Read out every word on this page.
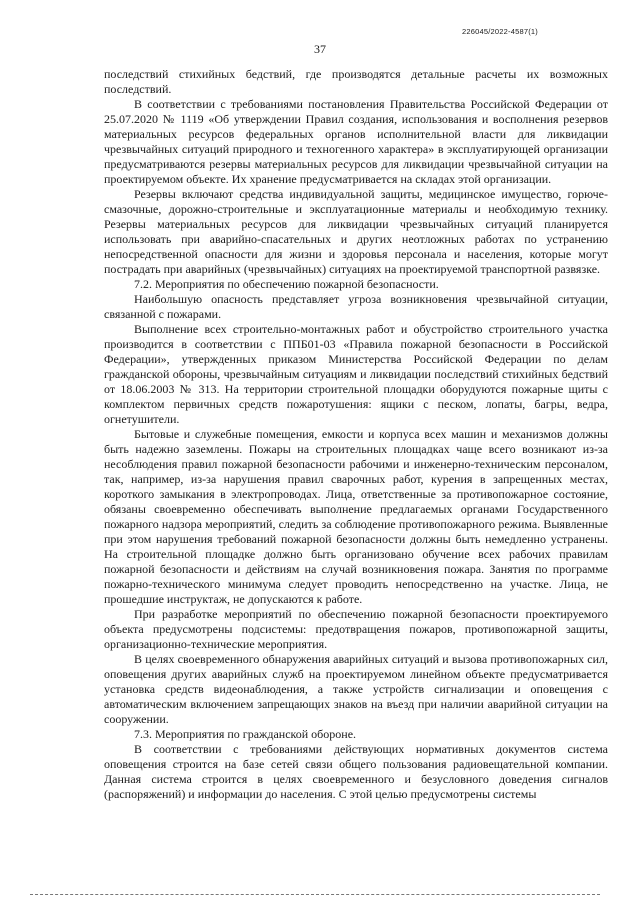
226045/2022-4587(1)
37

последствий стихийных бедствий, где производятся детальные расчеты их возможных последствий.

В соответствии с требованиями постановления Правительства Российской Федерации от 25.07.2020 № 1119 «Об утверждении Правил создания, использования и восполнения резервов материальных ресурсов федеральных органов исполнительной власти для ликвидации чрезвычайных ситуаций природного и техногенного характера» в эксплуатирующей организации предусматриваются резервы материальных ресурсов для ликвидации чрезвычайной ситуации на проектируемом объекте. Их хранение предусматривается на складах этой организации.

Резервы включают средства индивидуальной защиты, медицинское имущество, горюче-смазочные, дорожно-строительные и эксплуатационные материалы и необходимую технику. Резервы материальных ресурсов для ликвидации чрезвычайных ситуаций планируется использовать при аварийно-спасательных и других неотложных работах по устранению непосредственной опасности для жизни и здоровья персонала и населения, которые могут пострадать при аварийных (чрезвычайных) ситуациях на проектируемой транспортной развязке.

7.2. Мероприятия по обеспечению пожарной безопасности.

Наибольшую опасность представляет угроза возникновения чрезвычайной ситуации, связанной с пожарами.

Выполнение всех строительно-монтажных работ и обустройство строительного участка производится в соответствии с ППБ01-03 «Правила пожарной безопасности в Российской Федерации», утвержденных приказом Министерства Российской Федерации по делам гражданской обороны, чрезвычайным ситуациям и ликвидации последствий стихийных бедствий от 18.06.2003 № 313. На территории строительной площадки оборудуются пожарные щиты с комплектом первичных средств пожаротушения: ящики с песком, лопаты, багры, ведра, огнетушители.

Бытовые и служебные помещения, емкости и корпуса всех машин и механизмов должны быть надежно заземлены. Пожары на строительных площадках чаще всего возникают из-за несоблюдения правил пожарной безопасности рабочими и инженерно-техническим персоналом, так, например, из-за нарушения правил сварочных работ, курения в запрещенных местах, короткого замыкания в электропроводах. Лица, ответственные за противопожарное состояние, обязаны своевременно обеспечивать выполнение предлагаемых органами Государственного пожарного надзора мероприятий, следить за соблюдение противопожарного режима. Выявленные при этом нарушения требований пожарной безопасности должны быть немедленно устранены. На строительной площадке должно быть организовано обучение всех рабочих правилам пожарной безопасности и действиям на случай возникновения пожара. Занятия по программе пожарно-технического минимума следует проводить непосредственно на участке. Лица, не прошедшие инструктаж, не допускаются к работе.

При разработке мероприятий по обеспечению пожарной безопасности проектируемого объекта предусмотрены подсистемы: предотвращения пожаров, противопожарной защиты, организационно-технические мероприятия.

В целях своевременного обнаружения аварийных ситуаций и вызова противопожарных сил, оповещения других аварийных служб на проектируемом линейном объекте предусматривается установка средств видеонаблюдения, а также устройств сигнализации и оповещения с автоматическим включением запрещающих знаков на въезд при наличии аварийной ситуации на сооружении.

7.3. Мероприятия по гражданской обороне.

В соответствии с требованиями действующих нормативных документов система оповещения строится на базе сетей связи общего пользования радиовещательной компании. Данная система строится в целях своевременного и безусловного доведения сигналов (распоряжений) и информации до населения. С этой целью предусмотрены системы
